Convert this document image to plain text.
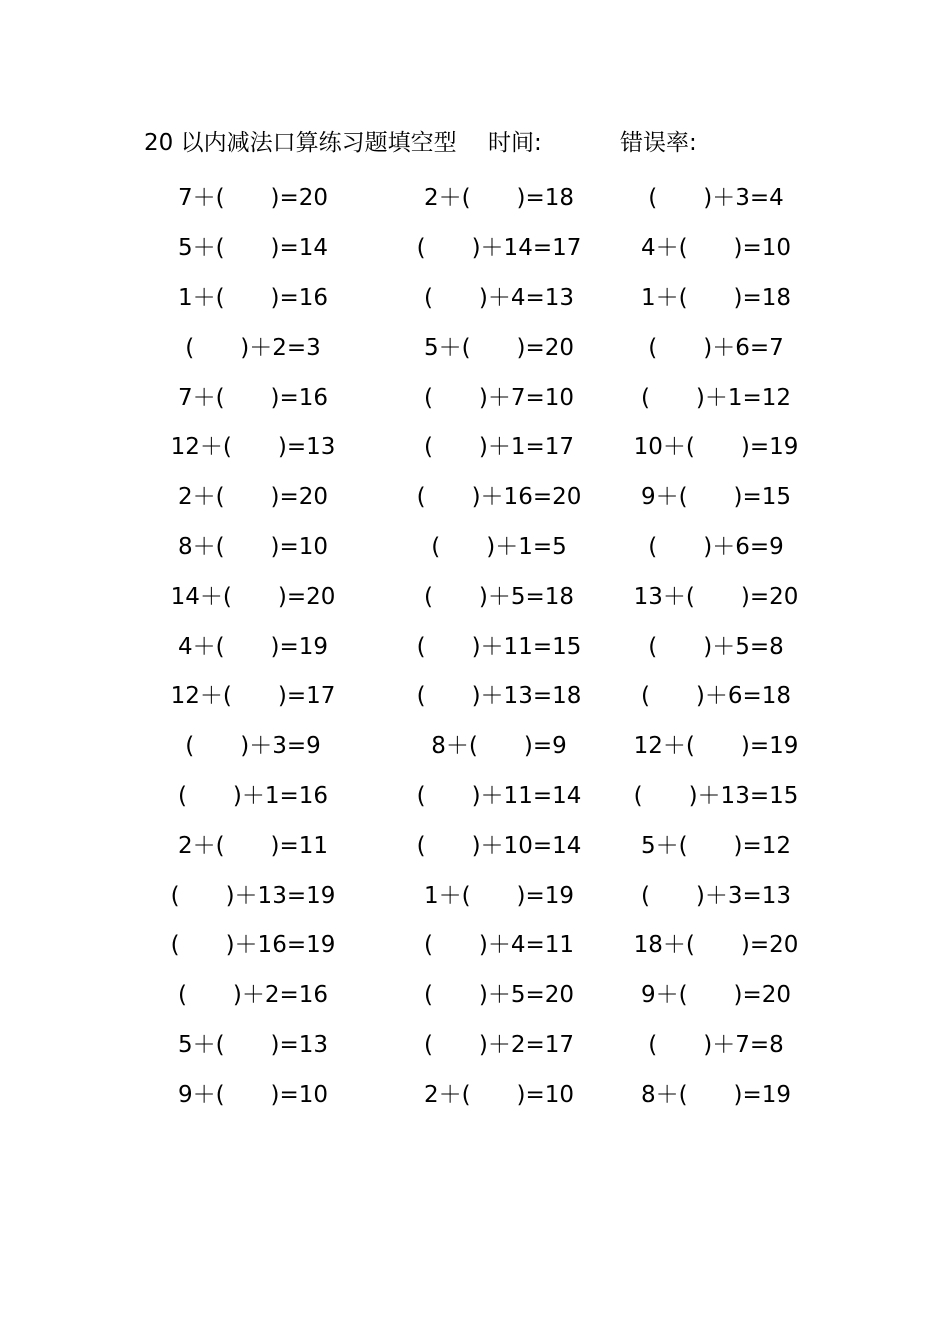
20 以内减法口算练习题填空型 时间:	错误率:
7＋(　　)=20	2＋(　　)=18	(　　)＋3=4
5＋(　　)=14	(　　)＋14=17	4＋(　　)=10
1＋(　　)=16	(　　)＋4=13	1＋(　　)=18
(　　)＋2=3	5＋(　　)=20	(　　)＋6=7
7＋(　　)=16	(　　)＋7=10	(　　)＋1=12
12＋(　　)=13	(　　)＋1=17	10＋(　　)=19
2＋(　　)=20	(　　)＋16=20	9＋(　　)=15
8＋(　　)=10	(　　)＋1=5	(　　)＋6=9
14＋(　　)=20	(　　)＋5=18	13＋(　　)=20
4＋(　　)=19	(　　)＋11=15	(　　)＋5=8
12＋(　　)=17	(　　)＋13=18	(　　)＋6=18
(　　)＋3=9	8＋(　　)=9	12＋(　　)=19
(　　)＋1=16	(　　)＋11=14	(　　)＋13=15
2＋(　　)=11	(　　)＋10=14	5＋(　　)=12
(　　)＋13=19	1＋(　　)=19	(　　)＋3=13
(　　)＋16=19	(　　)＋4=11	18＋(　　)=20
(　　)＋2=16	(　　)＋5=20	9＋(　　)=20
5＋(　　)=13	(　　)＋2=17	(　　)＋7=8
9＋(　　)=10	2＋(　　)=10	8＋(　　)=19
